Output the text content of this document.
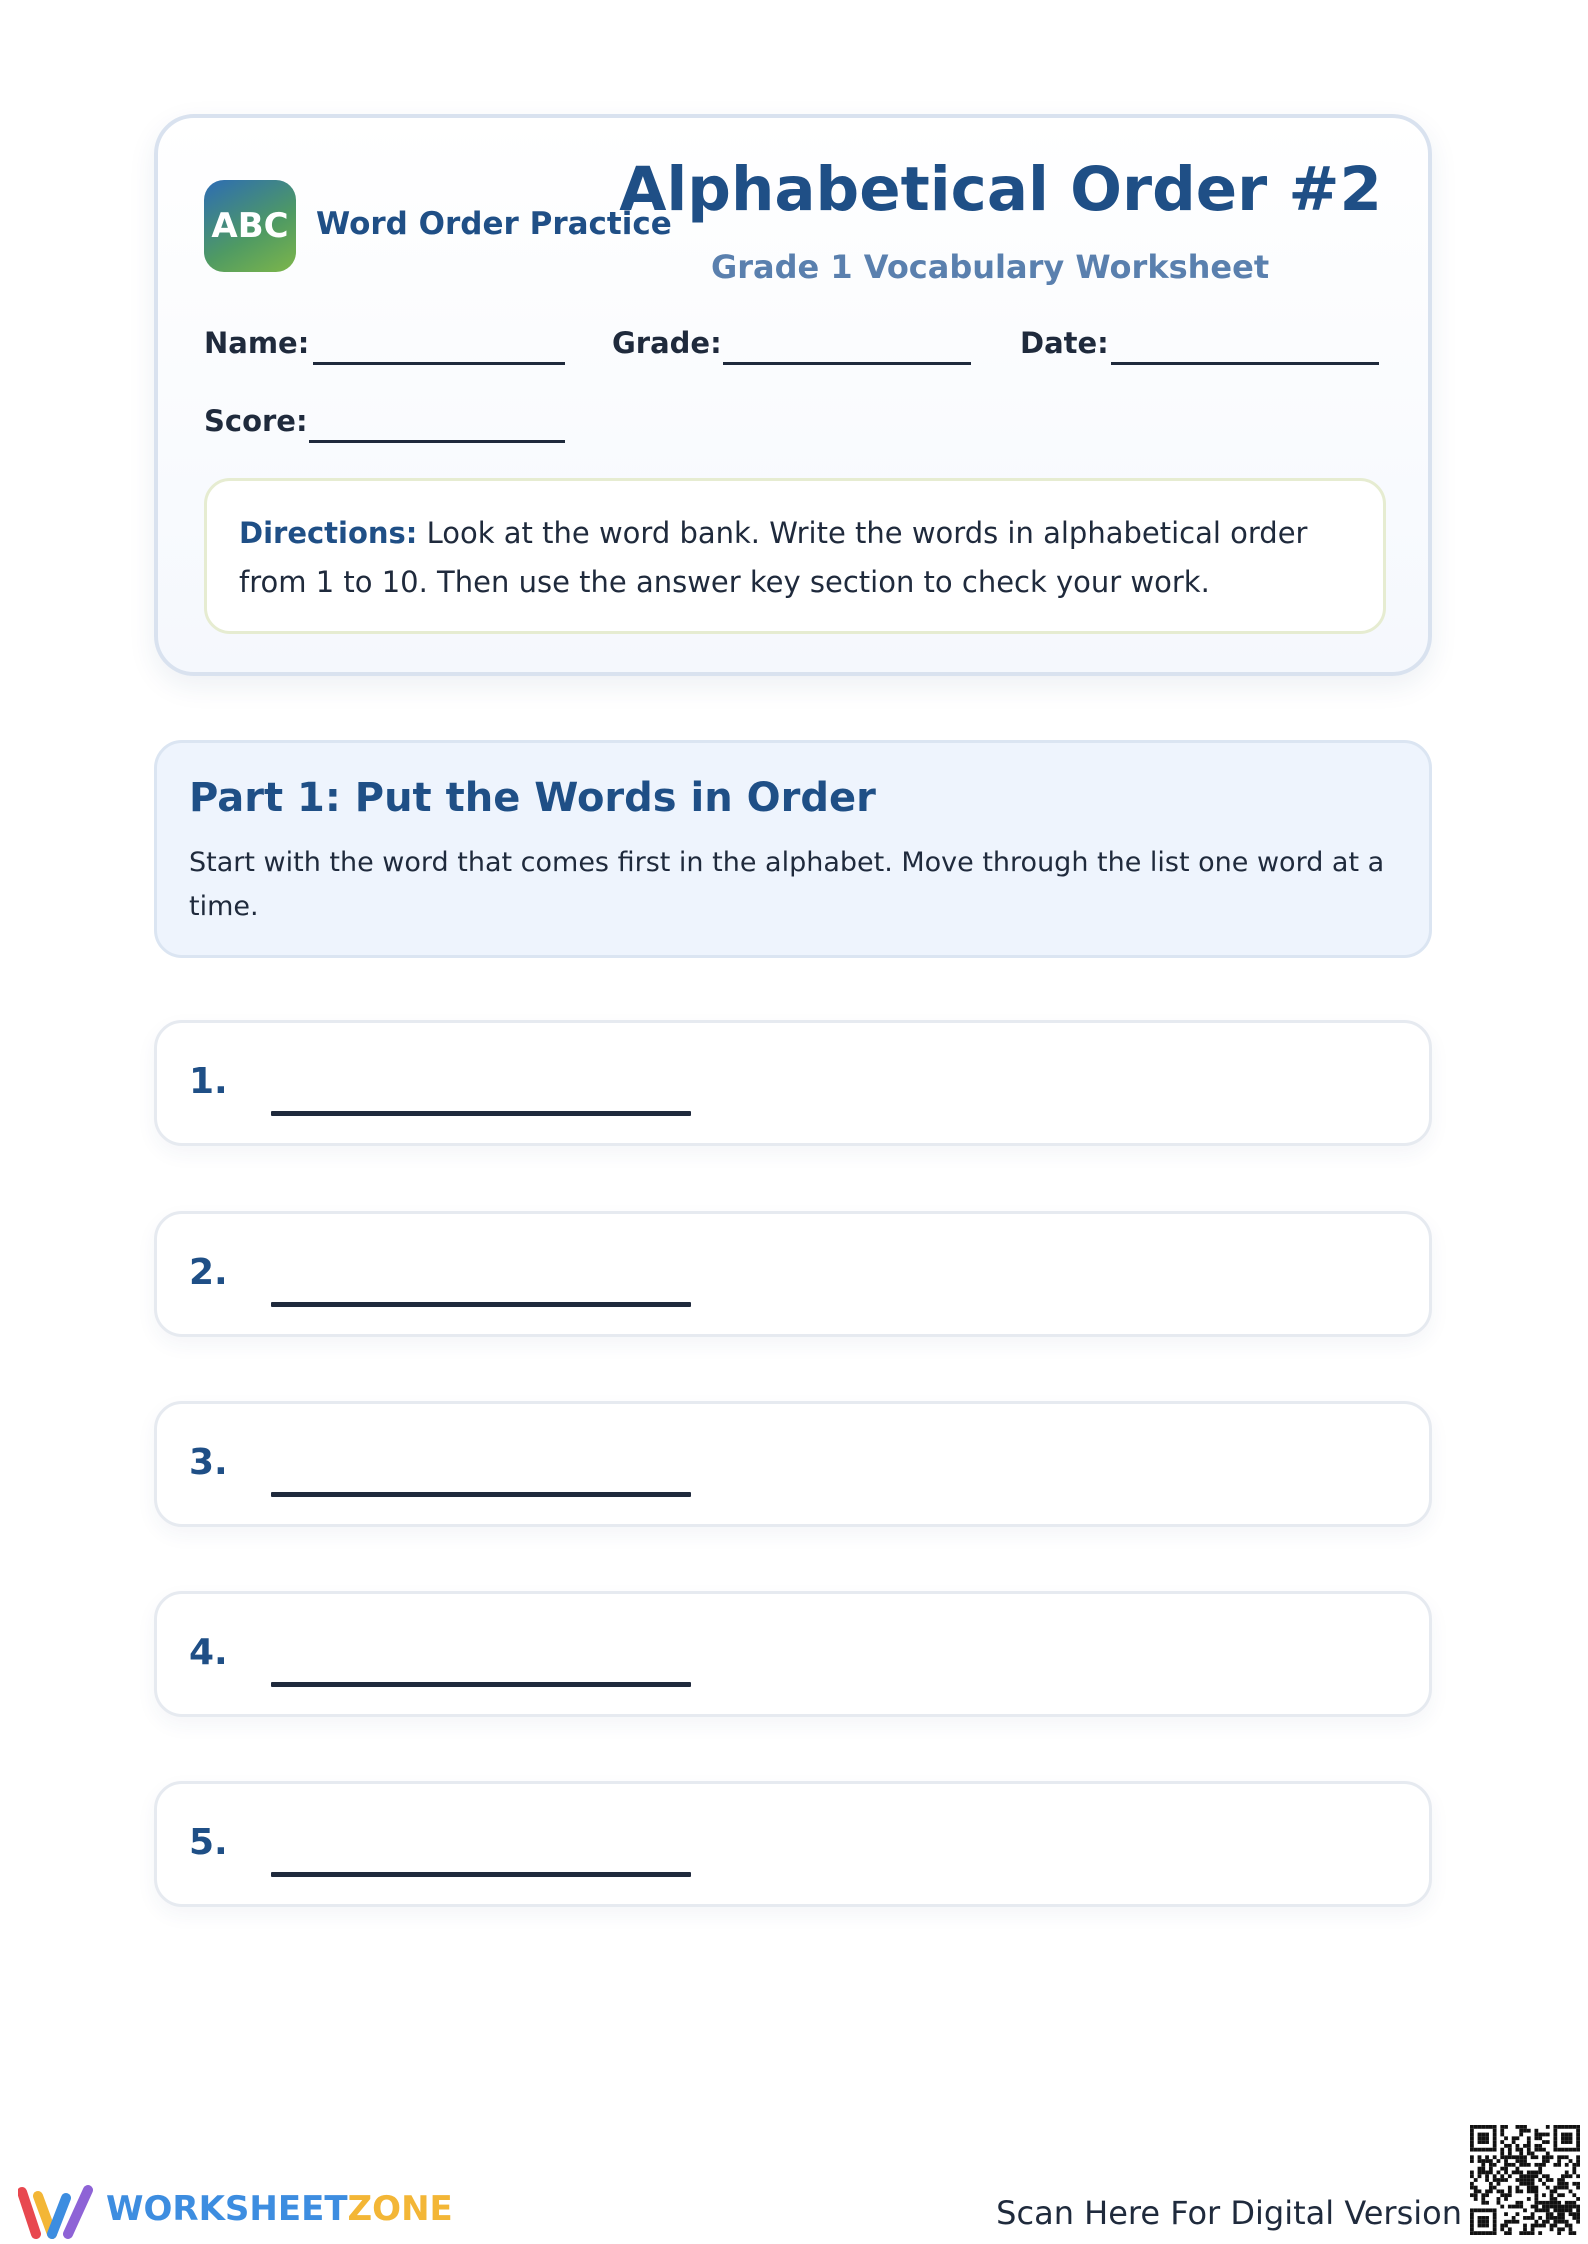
ABC Word Order Practice
Alphabetical Order #2
Grade 1 Vocabulary Worksheet
Name:	Grade:	Date:
Score:
Directions: Look at the word bank. Write the words in alphabetical order from 1 to 10. Then use the answer key section to check your work.
Part 1: Put the Words in Order
Start with the word that comes first in the alphabet. Move through the list one word at a time.
1.
2.
3.
4.
5.
WORKSHEETZONE	Scan Here For Digital Version
